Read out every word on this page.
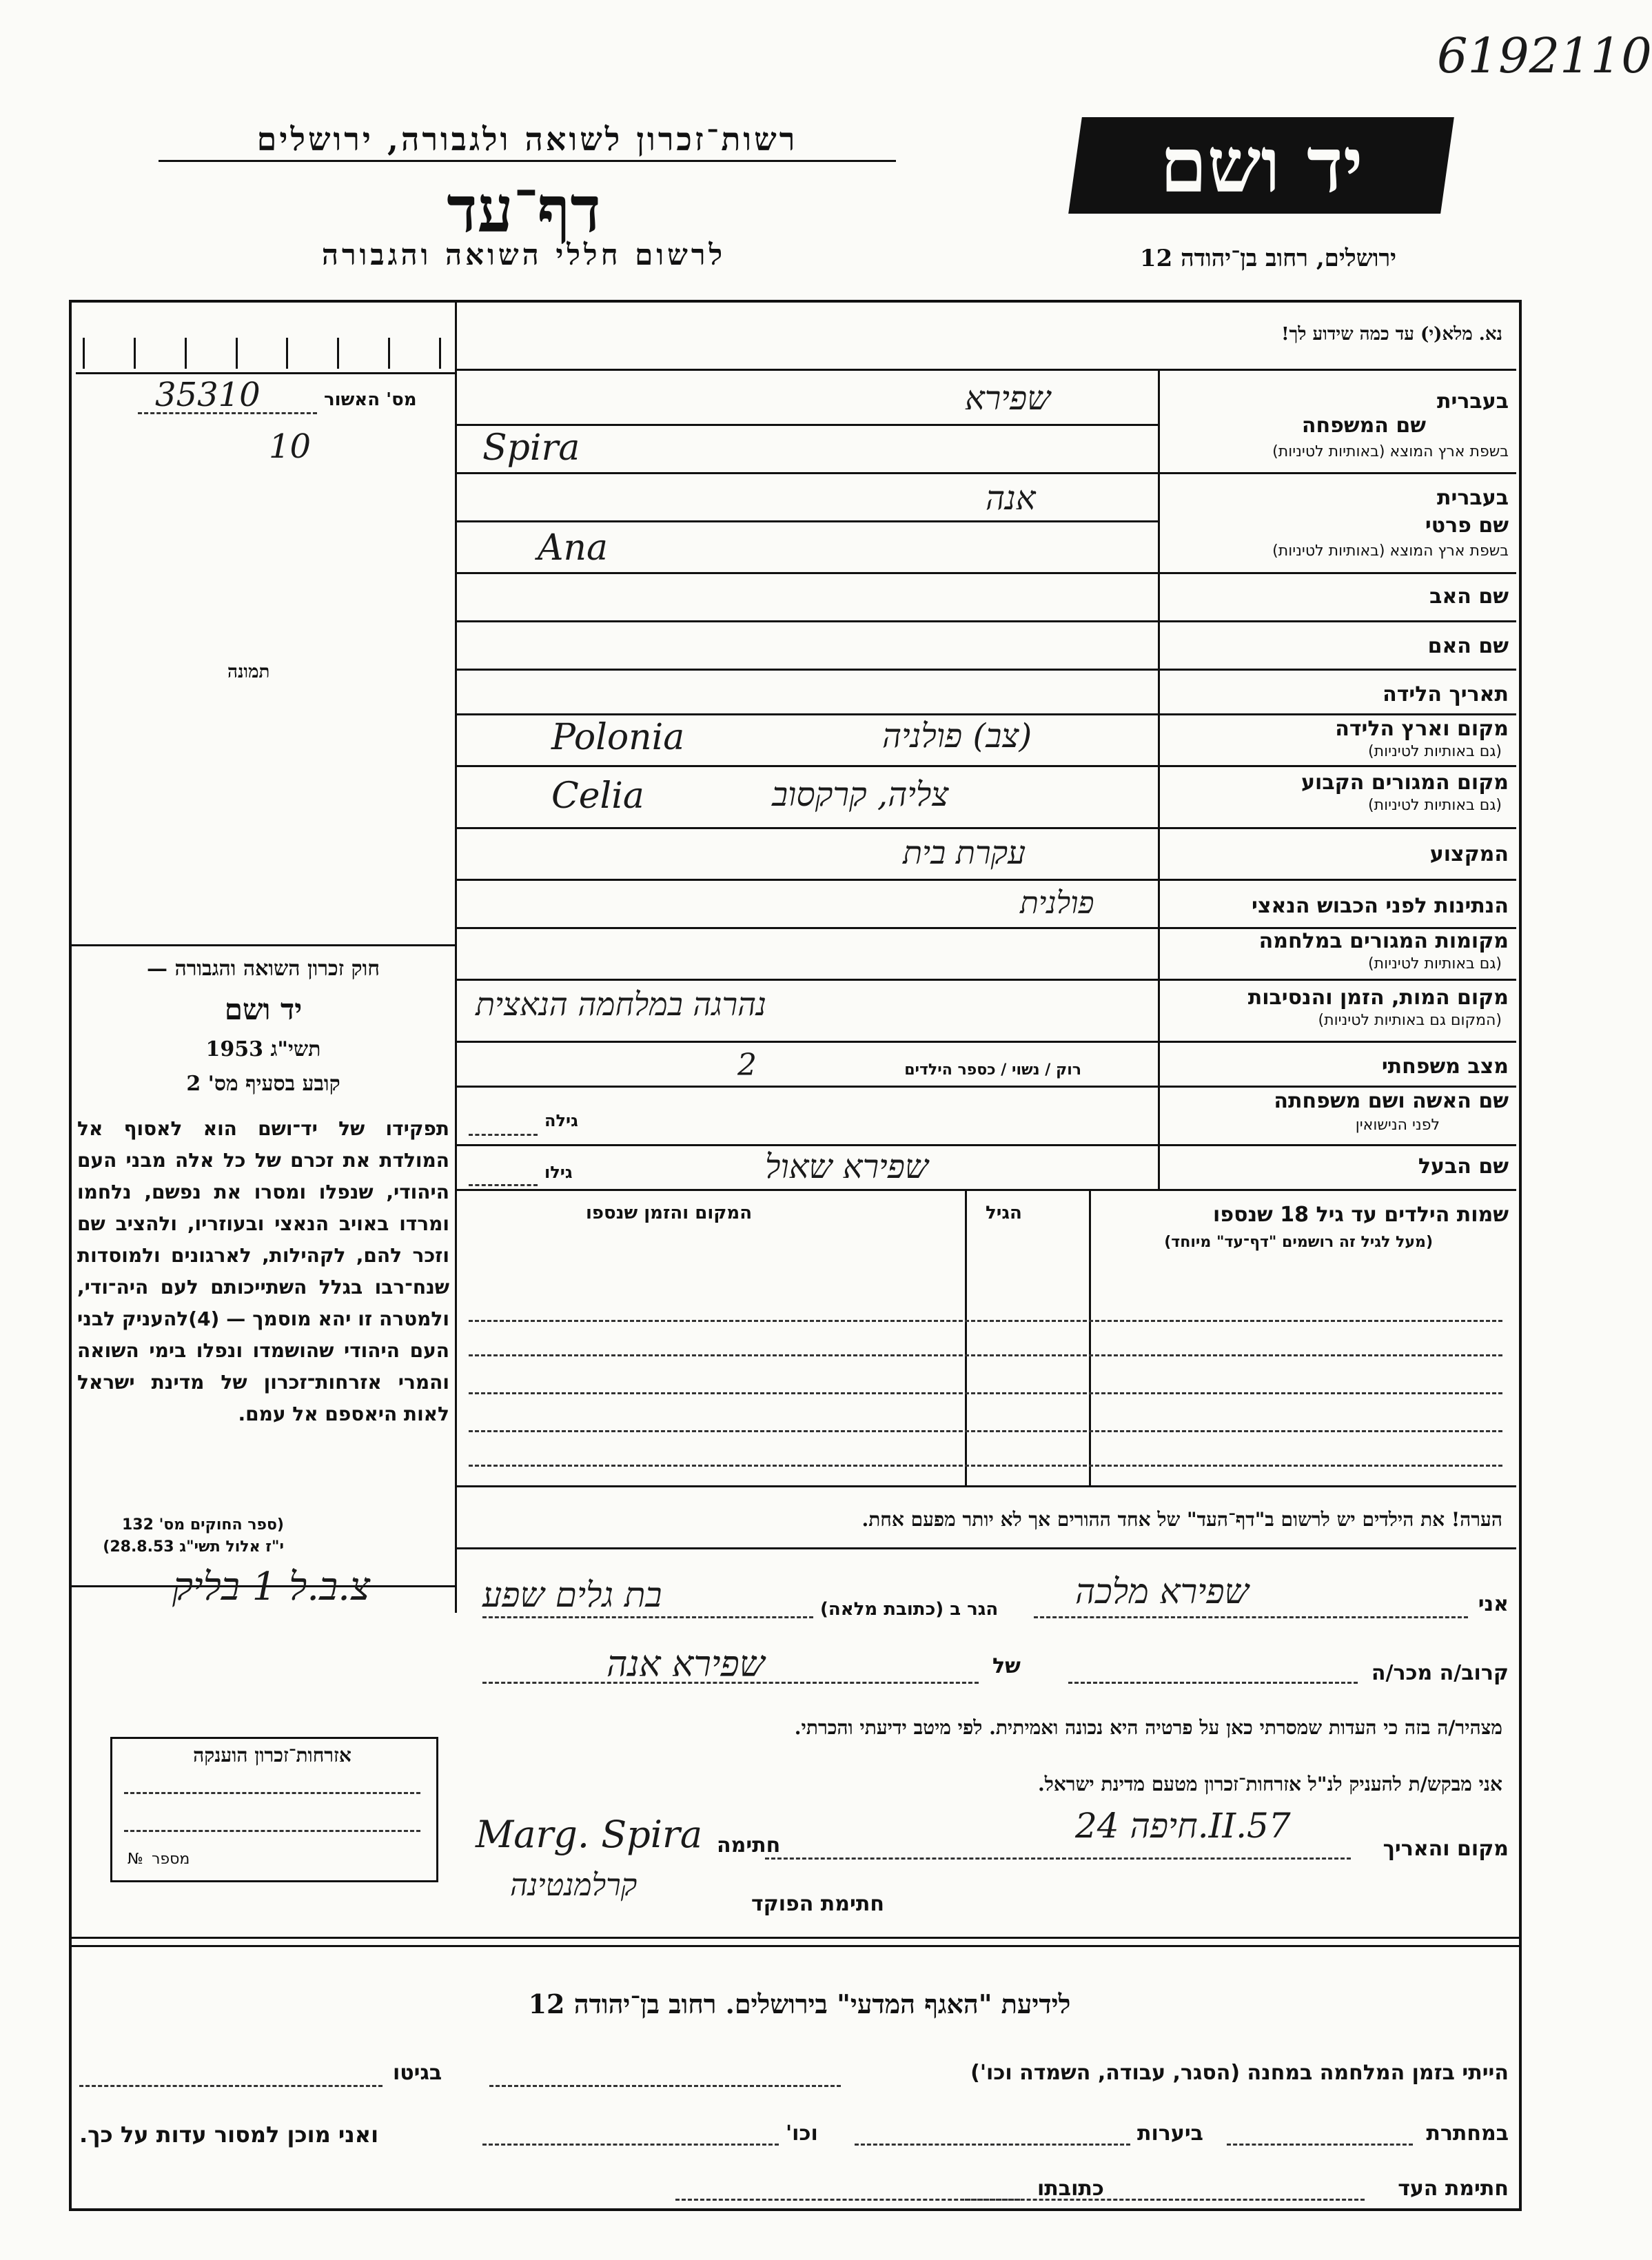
6192110
רשות־זכרון לשואה ולגבורה, ירושלים
דף־עד
לרשום חללי השואה והגבורה
יד ושם
ירושלים, רחוב בן־יהודה 12
מס' האשור
35310
10
תמונה
חוק זכרון השואה והגבורה —
יד ושם
תשי"ג 1953
קובע בסעיף מס' 2
תפקידו של יד־ושם הוא לאסוף אל המולדת את זכרם של כל אלה מבני העם היהודי, שנפלו ומסרו את נפשם, נלחמו ומרדו באויב הנאצי ובעוזריו, ולהציב שם וזכר להם, לקהילות, לארגונים ולמוסדות שנח־רבו בגלל השתייכותם לעם היה־ודי, ולמטרה זו יהא מוסמך — (4)להעניק לבני העם היהודי שהושמדו ונפלו בימי השואה והמרי אזרחות־זכרון של מדינת ישראל לאות היאספם אל עמם.
(ספר החוקים מס' 132
י"ז אלול תשי"ג 28.8.53)
צ.ב.ל 1 בליק
אזרחות־זכרון הוענקה
מספר
№
נא. מלא(י) עד כמה שידוע לך!
בעברית
שם המשפחה
בשפת ארץ המוצא (באותיות לטיניות)
שפירא
Spira
בעברית
שם פרטי
בשפת ארץ המוצא (באותיות לטיניות)
אנה
Ana
שם האב
שם האם
תאריך הלידה
מקום וארץ הלידה
(גם באותיות לטיניות)
(צב) פולניה
Polonia
מקום המגורים הקבוע
(גם באותיות לטיניות)
צליה, קרקסוב
Celia
המקצוע
עקרת בית
הנתינות לפני הכבוש הנאצי
פולנית
מקומות המגורים במלחמה
(גם באותיות לטיניות)
מקום המות, הזמן והנסיבות
(המקום גם באותיות לטיניות)
נהרגה במלחמה הנאצית
מצב משפחתי
רוק / נשוי / כספר הילדים
2
שם האשה ושם משפחתה
לפני הנישואין
גילה
שם הבעל
גילו	שפירא שאול
שמות הילדים עד גיל 18 שנספו
(מעל לגיל זה רושמים "דף־עד" מיוחד)
הגיל
המקום והזמן שנספו
הערה! את הילדים יש לרשום ב"דף־העד" של אחד ההורים אך לא יותר מפעם אחת.
אני
שפירא מלכה
הגר ב (כתובת מלאה)
בת גלים שפע
קרוב/ה מכר/ה
של
שפירא אנה
מצהיר/ה בזה כי העדות שמסרתי כאן על פרטיה היא נכונה ואמיתית. לפי מיטב ידיעתי והכרתי.
אני מבקש/ת להעניק לנ"ל אזרחות־זכרון מטעם מדינת ישראל.
מקום והאריך
חיפה 24.II.57
חתימה
Marg. Spira
חתימת הפוקד
קרלמנטינה
לידיעת "האגף המדעי" בירושלים. רחוב בן־יהודה 12
הייתי בזמן המלחמה במחנה (הסגר, עבודה, השמדה וכו')
בגיטו
במחתרת
ביערות
וכו'
ואני מוכן למסור עדות על כך.
חתימת העד
כתובתו
